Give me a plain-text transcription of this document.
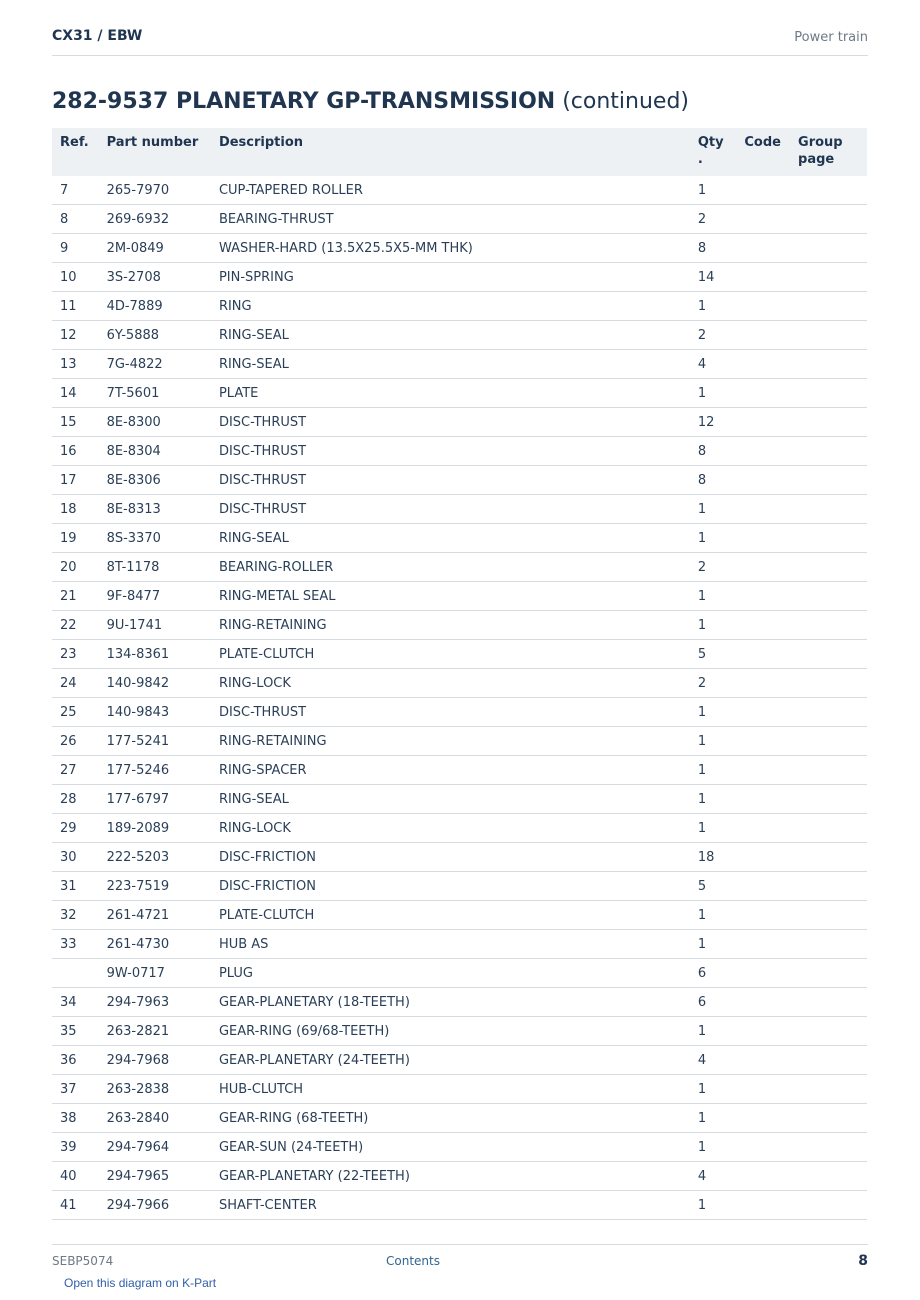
CX31 / EBW	Power train
282-9537 PLANETARY GP-TRANSMISSION (continued)
Ref.	Part number	Description	Qty .	Code	Group page
7	265-7970	CUP-TAPERED ROLLER	1		
8	269-6932	BEARING-THRUST	2		
9	2M-0849	WASHER-HARD (13.5X25.5X5-MM THK)	8		
10	3S-2708	PIN-SPRING	14		
11	4D-7889	RING	1		
12	6Y-5888	RING-SEAL	2		
13	7G-4822	RING-SEAL	4		
14	7T-5601	PLATE	1		
15	8E-8300	DISC-THRUST	12		
16	8E-8304	DISC-THRUST	8		
17	8E-8306	DISC-THRUST	8		
18	8E-8313	DISC-THRUST	1		
19	8S-3370	RING-SEAL	1		
20	8T-1178	BEARING-ROLLER	2		
21	9F-8477	RING-METAL SEAL	1		
22	9U-1741	RING-RETAINING	1		
23	134-8361	PLATE-CLUTCH	5		
24	140-9842	RING-LOCK	2		
25	140-9843	DISC-THRUST	1		
26	177-5241	RING-RETAINING	1		
27	177-5246	RING-SPACER	1		
28	177-6797	RING-SEAL	1		
29	189-2089	RING-LOCK	1		
30	222-5203	DISC-FRICTION	18		
31	223-7519	DISC-FRICTION	5		
32	261-4721	PLATE-CLUTCH	1		
33	261-4730	HUB AS	1		
	9W-0717	PLUG	6		
34	294-7963	GEAR-PLANETARY (18-TEETH)	6		
35	263-2821	GEAR-RING (69/68-TEETH)	1		
36	294-7968	GEAR-PLANETARY (24-TEETH)	4		
37	263-2838	HUB-CLUTCH	1		
38	263-2840	GEAR-RING (68-TEETH)	1		
39	294-7964	GEAR-SUN (24-TEETH)	1		
40	294-7965	GEAR-PLANETARY (22-TEETH)	4		
41	294-7966	SHAFT-CENTER	1		
SEBP5074	Contents	8
Open this diagram on K-Part
